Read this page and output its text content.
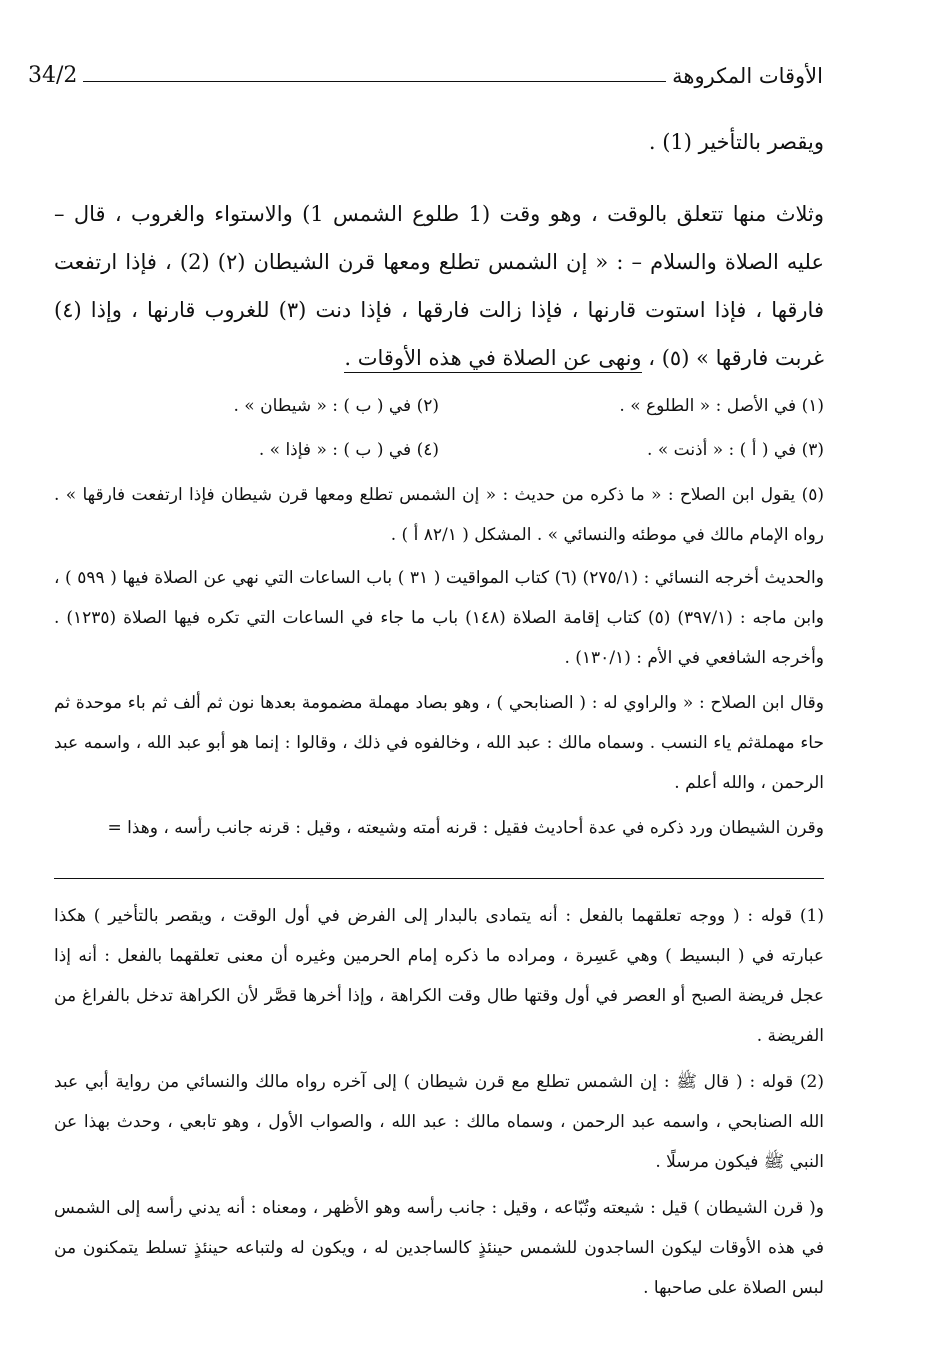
34/2	الأوقات المكروهة

ويقصر بالتأخير (1) .

وثلاث منها تتعلق بالوقت ، وهو وقت (1 طلوع الشمس 1) والاستواء والغروب ، قال – عليه الصلاة والسلام – : « إن الشمس تطلع ومعها قرن الشيطان (٢) (2) ، فإذا ارتفعت فارقها ، فإذا استوت قارنها ، فإذا زالت فارقها ، فإذا دنت (٣) للغروب قارنها ، وإذا (٤) غربت فارقها » (٥) ، ونهى عن الصلاة في هذه الأوقات .

(١) في الأصل : « الطلوع » .
(٢) في ( ب ) : « شيطان » .
(٣) في ( أ ) : « أذنت » .
(٤) في ( ب ) : « فإذا » .

(٥) يقول ابن الصلاح : « ما ذكره من حديث : « إن الشمس تطلع ومعها قرن شيطان فإذا ارتفعت فارقها » . رواه الإمام مالك في موطئه والنسائي » . المشكل ( ٨٢/١ أ ) .

والحديث أخرجه النسائي : (٢٧٥/١) (٦) كتاب المواقيت ( ٣١ ) باب الساعات التي نهي عن الصلاة فيها ( ٥٩٩ ) ، وابن ماجه : (٣٩٧/١) (٥) كتاب إقامة الصلاة (١٤٨) باب ما جاء في الساعات التي تكره فيها الصلاة (١٢٣٥) . وأخرجه الشافعي في الأم : (١٣٠/١) .

وقال ابن الصلاح : « والراوي له : ( الصنابحي ) ، وهو بصاد مهملة مضمومة بعدها نون ثم ألف ثم باء موحدة ثم حاء مهملةثم ياء النسب . وسماه مالك : عبد الله ، وخالفوه في ذلك ، وقالوا : إنما هو أبو عبد الله ، واسمه عبد الرحمن ، والله أعلم .

وقرن الشيطان ورد ذكره في عدة أحاديث فقيل : قرنه أمته وشيعته ، وقيل : قرنه جانب رأسه ، وهذا =

(1) قوله : ( ووجه تعلقهما بالفعل : أنه يتمادى بالبدار إلى الفرض في أول الوقت ، ويقصر بالتأخير ) هكذا عبارته في ( البسيط ) وهي عَسِرة ، ومراده ما ذكره إمام الحرمين وغيره أن معنى تعلقهما بالفعل : أنه إذا عجل فريضة الصبح أو العصر في أول وقتها طال وقت الكراهة ، وإذا أخرها قصَّر لأن الكراهة تدخل بالفراغ من الفريضة .

(2) قوله : ( قال ﷺ : إن الشمس تطلع مع قرن شيطان ) إلى آخره رواه مالك والنسائي من رواية أبي عبد الله الصنابحي ، واسمه عبد الرحمن ، وسماه مالك : عبد الله ، والصواب الأول ، وهو تابعي ، وحدث بهذا عن النبي ﷺ فيكون مرسلًا .

و( قرن الشيطان ) قيل : شيعته وتُبّاعه ، وقيل : جانب رأسه وهو الأظهر ، ومعناه : أنه يدني رأسه إلى الشمس في هذه الأوقات ليكون الساجدون للشمس حينئذٍ كالساجدين له ، ويكون له ولتباعه حينئذٍ تسلط يتمكنون من لبس الصلاة على صاحبها .
